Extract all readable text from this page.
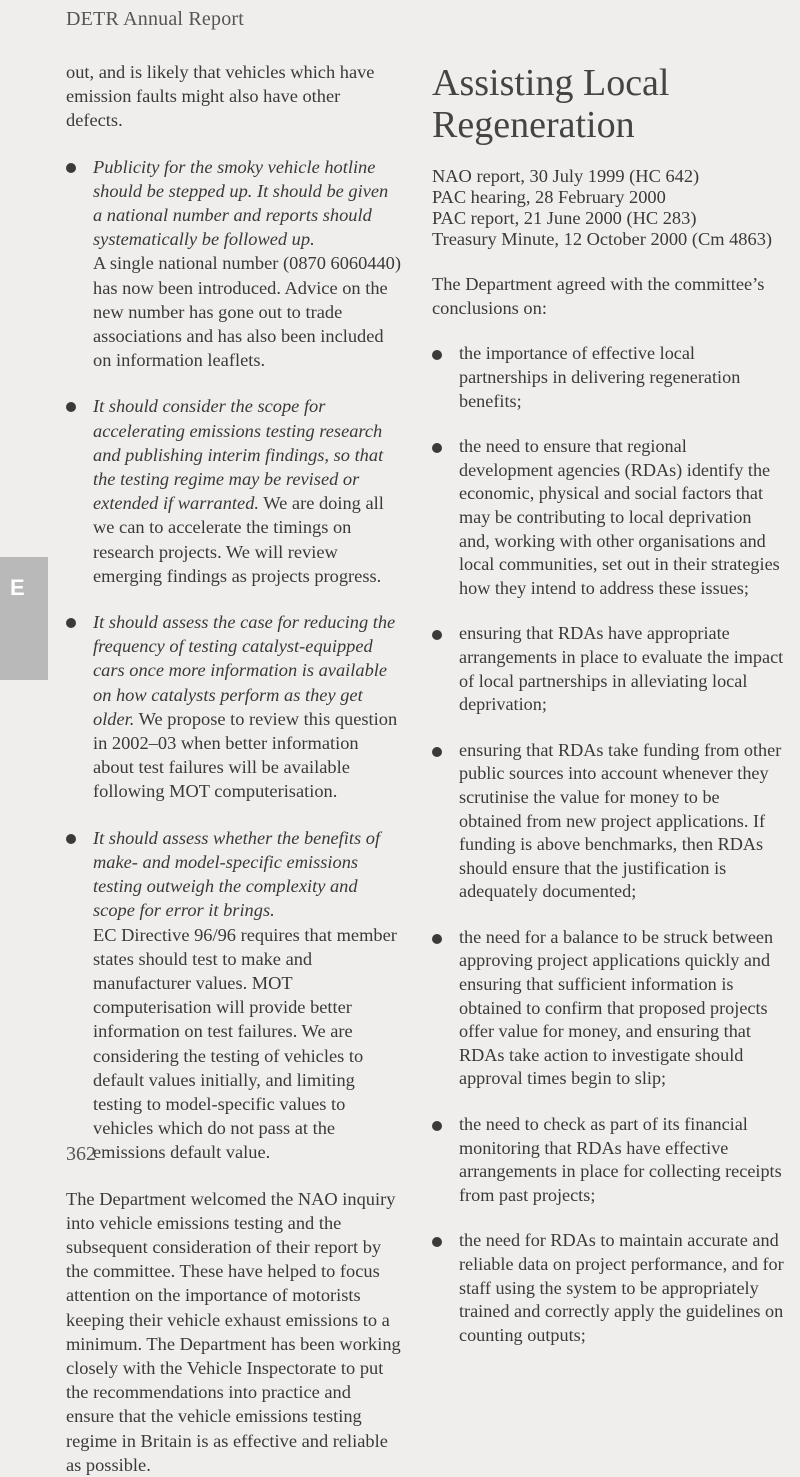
DETR Annual Report
E

out, and is likely that vehicles which have emission faults might also have other defects.

Publicity for the smoky vehicle hotline should be stepped up. It should be given a national number and reports should systematically be followed up.
A single national number (0870 6060440) has now been introduced. Advice on the new number has gone out to trade associations and has also been included on information leaflets.
It should consider the scope for accelerating emissions testing research and publishing interim findings, so that the testing regime may be revised or extended if warranted. We are doing all we can to accelerate the timings on research projects. We will review emerging findings as projects progress.
It should assess the case for reducing the frequency of testing catalyst-equipped cars once more information is available on how catalysts perform as they get older. We propose to review this question in 2002–03 when better information about test failures will be available following MOT computerisation.
It should assess whether the benefits of make- and model-specific emissions testing outweigh the complexity and scope for error it brings.
EC Directive 96/96 requires that member states should test to make and manufacturer values. MOT computerisation will provide better information on test failures. We are considering the testing of vehicles to default values initially, and limiting testing to model-specific values to vehicles which do not pass at the emissions default value.

The Department welcomed the NAO inquiry into vehicle emissions testing and the subsequent consideration of their report by the committee. These have helped to focus attention on the importance of motorists keeping their vehicle exhaust emissions to a minimum. The Department has been working closely with the Vehicle Inspectorate to put the recommendations into practice and ensure that the vehicle emissions testing regime in Britain is as effective and reliable as possible.

Assisting Local Regeneration
NAO report, 30 July 1999 (HC 642)
PAC hearing, 28 February 2000
PAC report, 21 June 2000 (HC 283)
Treasury Minute, 12 October 2000 (Cm 4863)

The Department agreed with the committee’s conclusions on:

the importance of effective local partnerships in delivering regeneration benefits;
the need to ensure that regional development agencies (RDAs) identify the economic, physical and social factors that may be contributing to local deprivation and, working with other organisations and local communities, set out in their strategies how they intend to address these issues;
ensuring that RDAs have appropriate arrangements in place to evaluate the impact of local partnerships in alleviating local deprivation;
ensuring that RDAs take funding from other public sources into account whenever they scrutinise the value for money to be obtained from new project applications. If funding is above benchmarks, then RDAs should ensure that the justification is adequately documented;
the need for a balance to be struck between approving project applications quickly and ensuring that sufficient information is obtained to confirm that proposed projects offer value for money, and ensuring that RDAs take action to investigate should approval times begin to slip;
the need to check as part of its financial monitoring that RDAs have effective arrangements in place for collecting receipts from past projects;
the need for RDAs to maintain accurate and reliable data on project performance, and for staff using the system to be appropriately trained and correctly apply the guidelines on counting outputs;
362
